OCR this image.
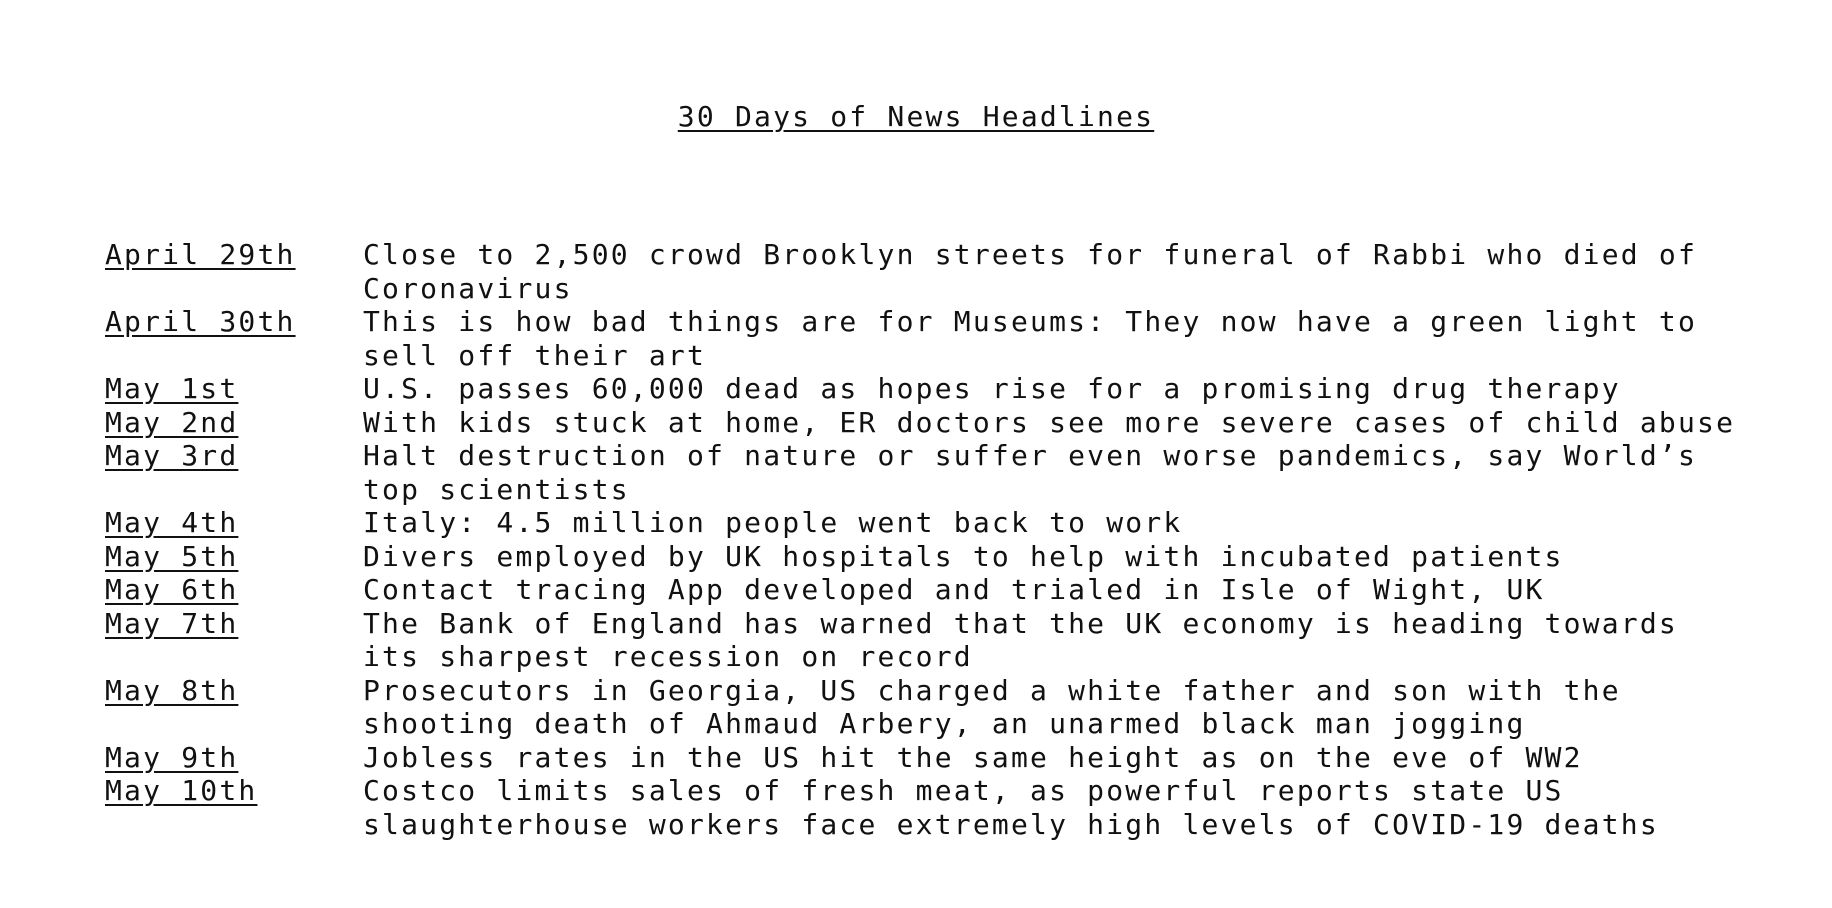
30 Days of News Headlines
April 29th	Close to 2,500 crowd Brooklyn streets for funeral of Rabbi who died of Coronavirus
April 30th	This is how bad things are for Museums: They now have a green light to sell off their art
May 1st	U.S. passes 60,000 dead as hopes rise for a promising drug therapy
May 2nd	With kids stuck at home, ER doctors see more severe cases of child abuse
May 3rd	Halt destruction of nature or suffer even worse pandemics, say World’s top scientists
May 4th	Italy: 4.5 million people went back to work
May 5th	Divers employed by UK hospitals to help with incubated patients
May 6th	Contact tracing App developed and trialed in Isle of Wight, UK
May 7th	The Bank of England has warned that the UK economy is heading towards its sharpest recession on record
May 8th	Prosecutors in Georgia, US charged a white father and son with the shooting death of Ahmaud Arbery, an unarmed black man jogging
May 9th	Jobless rates in the US hit the same height as on the eve of WW2
May 10th	Costco limits sales of fresh meat, as powerful reports state US slaughterhouse workers face extremely high levels of COVID-19 deaths
